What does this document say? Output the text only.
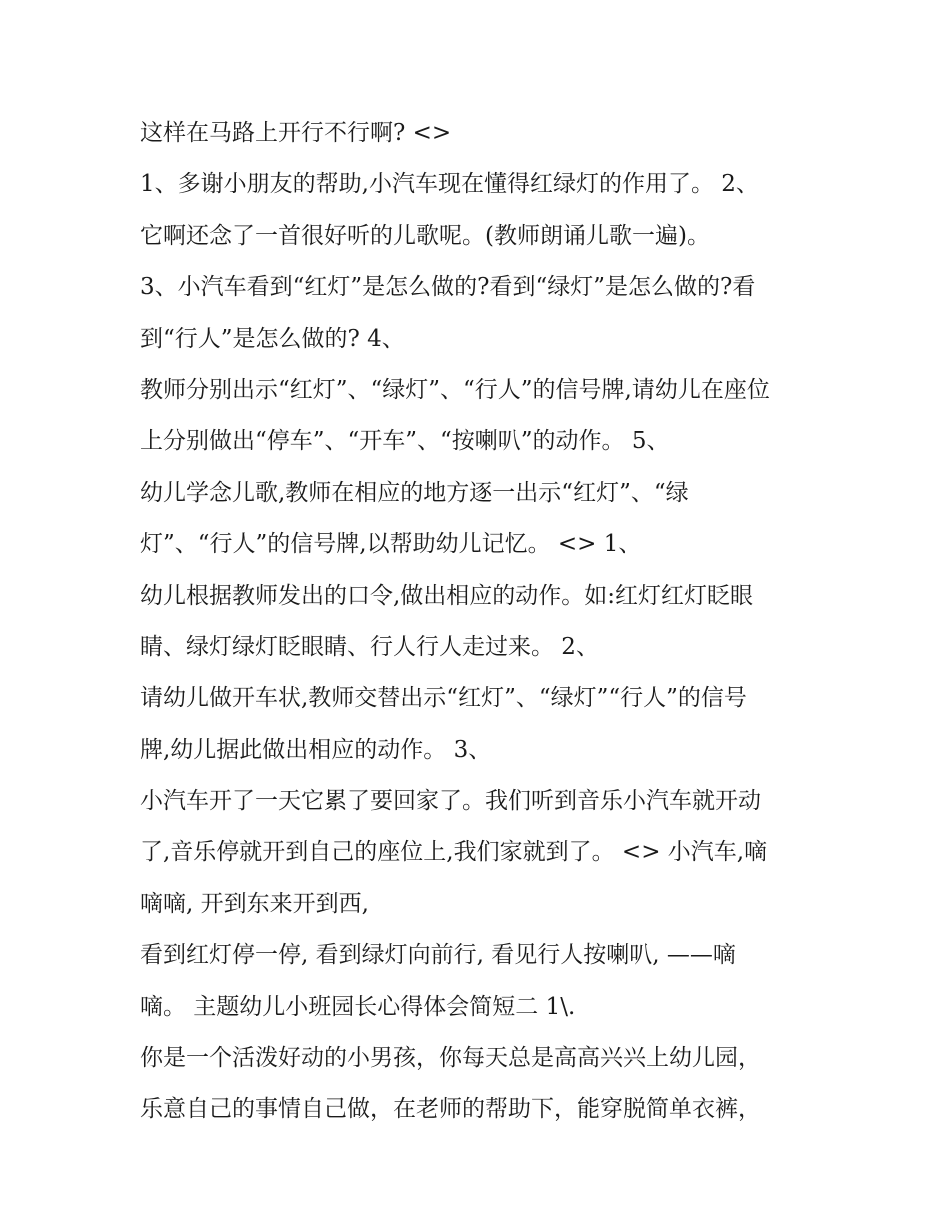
这样在马路上开行不行啊? <>
1、多谢小朋友的帮助,小汽车现在懂得红绿灯的作用了。 2、
它啊还念了一首很好听的儿歌呢。(教师朗诵儿歌一遍)。
3、小汽车看到“红灯”是怎么做的?看到“绿灯”是怎么做的?看
到“行人”是怎么做的? 4、
教师分别出示“红灯”、“绿灯”、“行人”的信号牌,请幼儿在座位
上分别做出“停车”、“开车”、“按喇叭”的动作。 5、
幼儿学念儿歌,教师在相应的地方逐一出示“红灯”、“绿
灯”、“行人”的信号牌,以帮助幼儿记忆。 <> 1、
幼儿根据教师发出的口令,做出相应的动作。如:红灯红灯眨眼
睛、绿灯绿灯眨眼睛、行人行人走过来。 2、
请幼儿做开车状,教师交替出示“红灯”、“绿灯”“行人”的信号
牌,幼儿据此做出相应的动作。 3、
小汽车开了一天它累了要回家了。我们听到音乐小汽车就开动
了,音乐停就开到自己的座位上,我们家就到了。 <> 小汽车,嘀
嘀嘀, 开到东来开到西,
看到红灯停一停, 看到绿灯向前行, 看见行人按喇叭, ——嘀
嘀。 主题幼儿小班园长心得体会简短二 1\.
你是一个活泼好动的小男孩，你每天总是高高兴兴上幼儿园，
乐意自己的事情自己做，在老师的帮助下，能穿脱简单衣裤，
